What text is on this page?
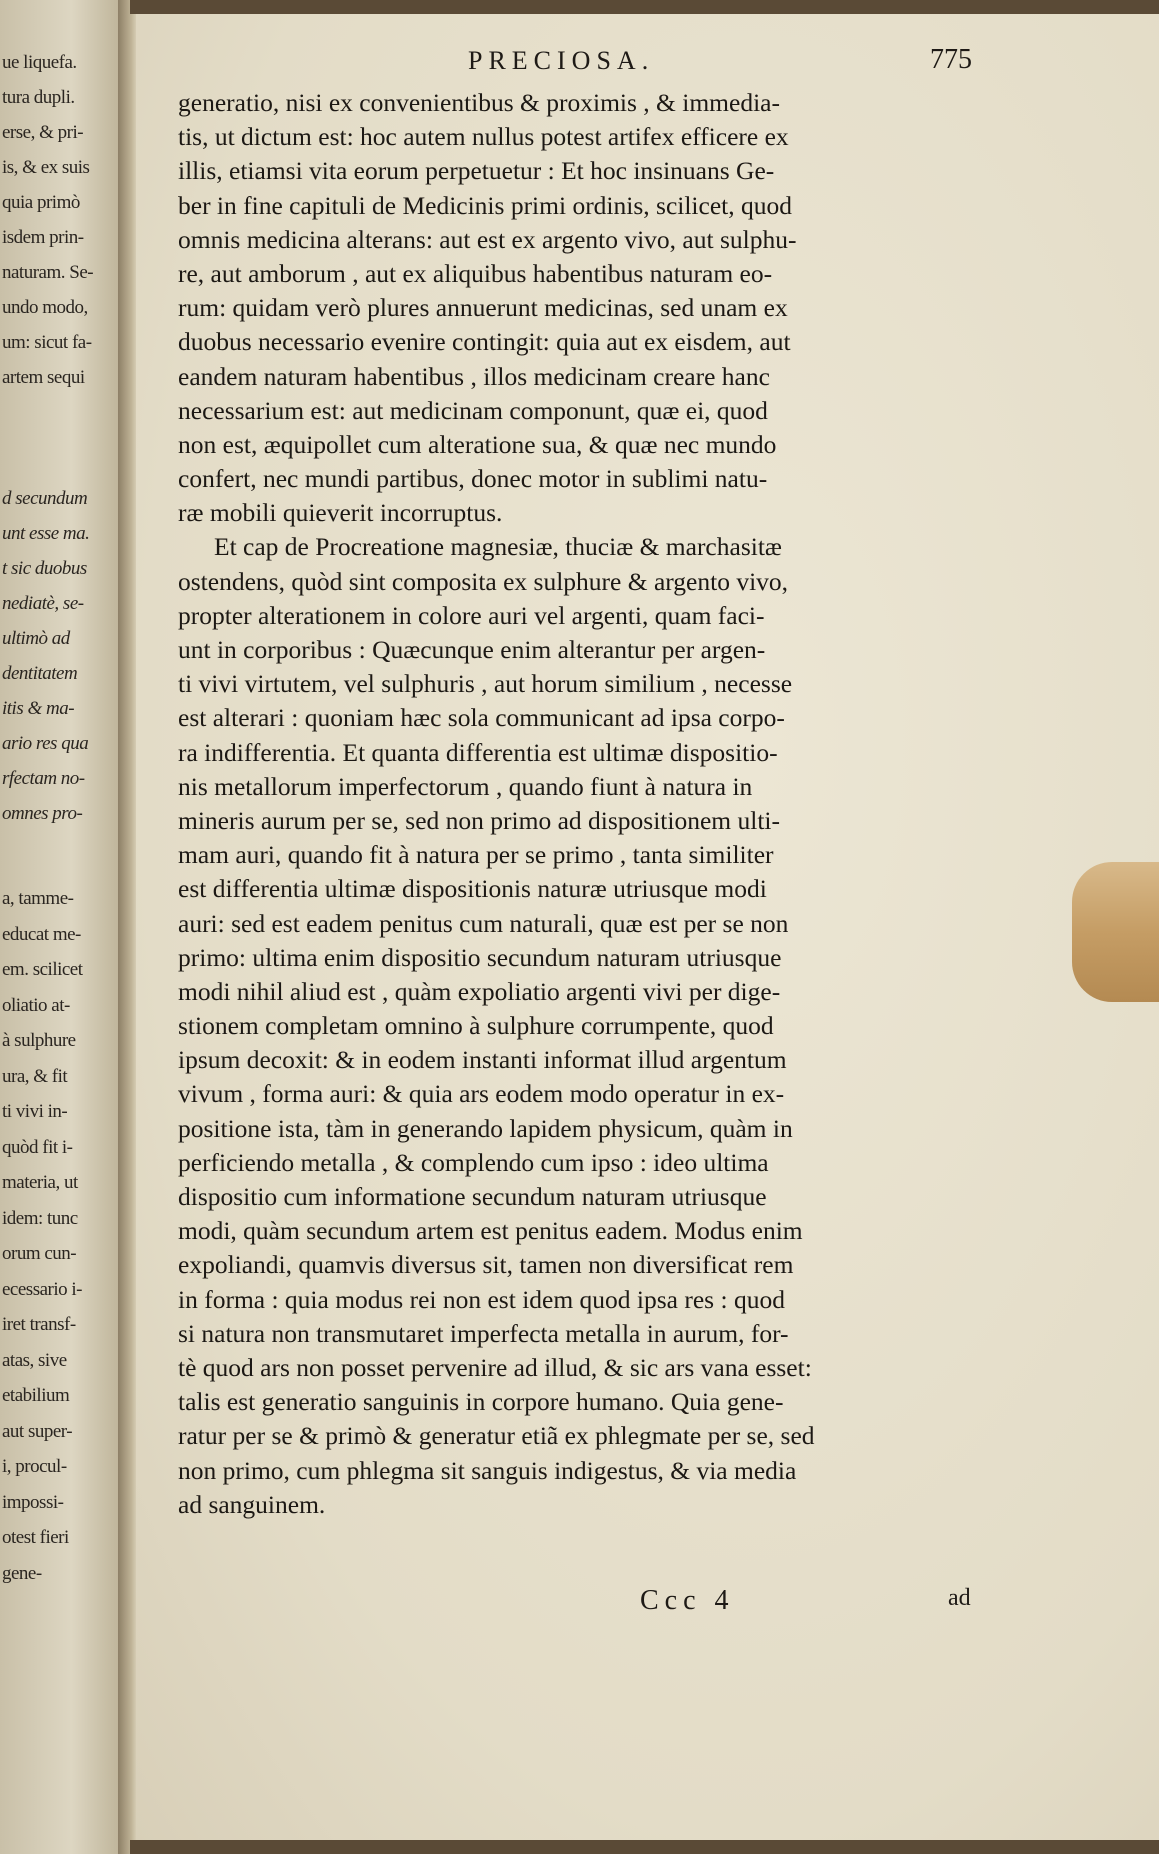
ue liquefa.
tura dupli.
erse, & pri-
is, & ex suis
quia primò
isdem prin-
naturam. Se-
undo modo,
um: sicut fa-
artem sequi
d secundum
unt esse ma.
t sic duobus
nediatè, se-
ultimò ad
dentitatem
itis & ma-
ario res qua
rfectam no-
omnes pro-
a, tamme-
educat me-
em. scilicet
oliatio at-
à sulphure
ura, & fit
ti vivi in-
quòd fit i-
materia, ut
idem: tunc
orum cun-
ecessario i-
iret transf-
atas, sive
etabilium
aut super-
i, procul-
impossi-
otest fieri
gene-
PRECIOSA.	775
generatio, nisi ex convenientibus & proximis , & immedia-
tis, ut dictum est: hoc autem nullus potest artifex efficere ex
illis, etiamsi vita eorum perpetuetur : Et hoc insinuans Ge-
ber in fine capituli de Medicinis primi ordinis, scilicet, quod
omnis medicina alterans: aut est ex argento vivo, aut sulphu-
re, aut amborum , aut ex aliquibus habentibus naturam eo-
rum: quidam verò plures annuerunt medicinas, sed unam ex
duobus necessario evenire contingit: quia aut ex eisdem, aut
eandem naturam habentibus , illos medicinam creare hanc
necessarium est: aut medicinam componunt, quæ ei, quod
non est, æquipollet cum alteratione sua, & quæ nec mundo
confert, nec mundi partibus, donec motor in sublimi natu-
ræ mobili quieverit incorruptus.
Et cap de Procreatione magnesiæ, thuciæ & marchasitæ
ostendens, quòd sint composita ex sulphure & argento vivo,
propter alterationem in colore auri vel argenti, quam faci-
unt in corporibus : Quæcunque enim alterantur per argen-
ti vivi virtutem, vel sulphuris , aut horum similium , necesse
est alterari : quoniam hæc sola communicant ad ipsa corpo-
ra indifferentia. Et quanta differentia est ultimæ dispositio-
nis metallorum imperfectorum , quando fiunt à natura in
mineris aurum per se, sed non primo ad dispositionem ulti-
mam auri, quando fit à natura per se primo , tanta similiter
est differentia ultimæ dispositionis naturæ utriusque modi
auri: sed est eadem penitus cum naturali, quæ est per se non
primo: ultima enim dispositio secundum naturam utriusque
modi nihil aliud est , quàm expoliatio argenti vivi per dige-
stionem completam omnino à sulphure corrumpente, quod
ipsum decoxit: & in eodem instanti informat illud argentum
vivum , forma auri: & quia ars eodem modo operatur in ex-
positione ista, tàm in generando lapidem physicum, quàm in
perficiendo metalla , & complendo cum ipso : ideo ultima
dispositio cum informatione secundum naturam utriusque
modi, quàm secundum artem est penitus eadem. Modus enim
expoliandi, quamvis diversus sit, tamen non diversificat rem
in forma : quia modus rei non est idem quod ipsa res : quod
si natura non transmutaret imperfecta metalla in aurum, for-
tè quod ars non posset pervenire ad illud, & sic ars vana esset:
talis est generatio sanguinis in corpore humano. Quia gene-
ratur per se & primò & generatur etiã ex phlegmate per se, sed
non primo, cum phlegma sit sanguis indigestus, & via media
ad sanguinem.
Ccc 4	ad
